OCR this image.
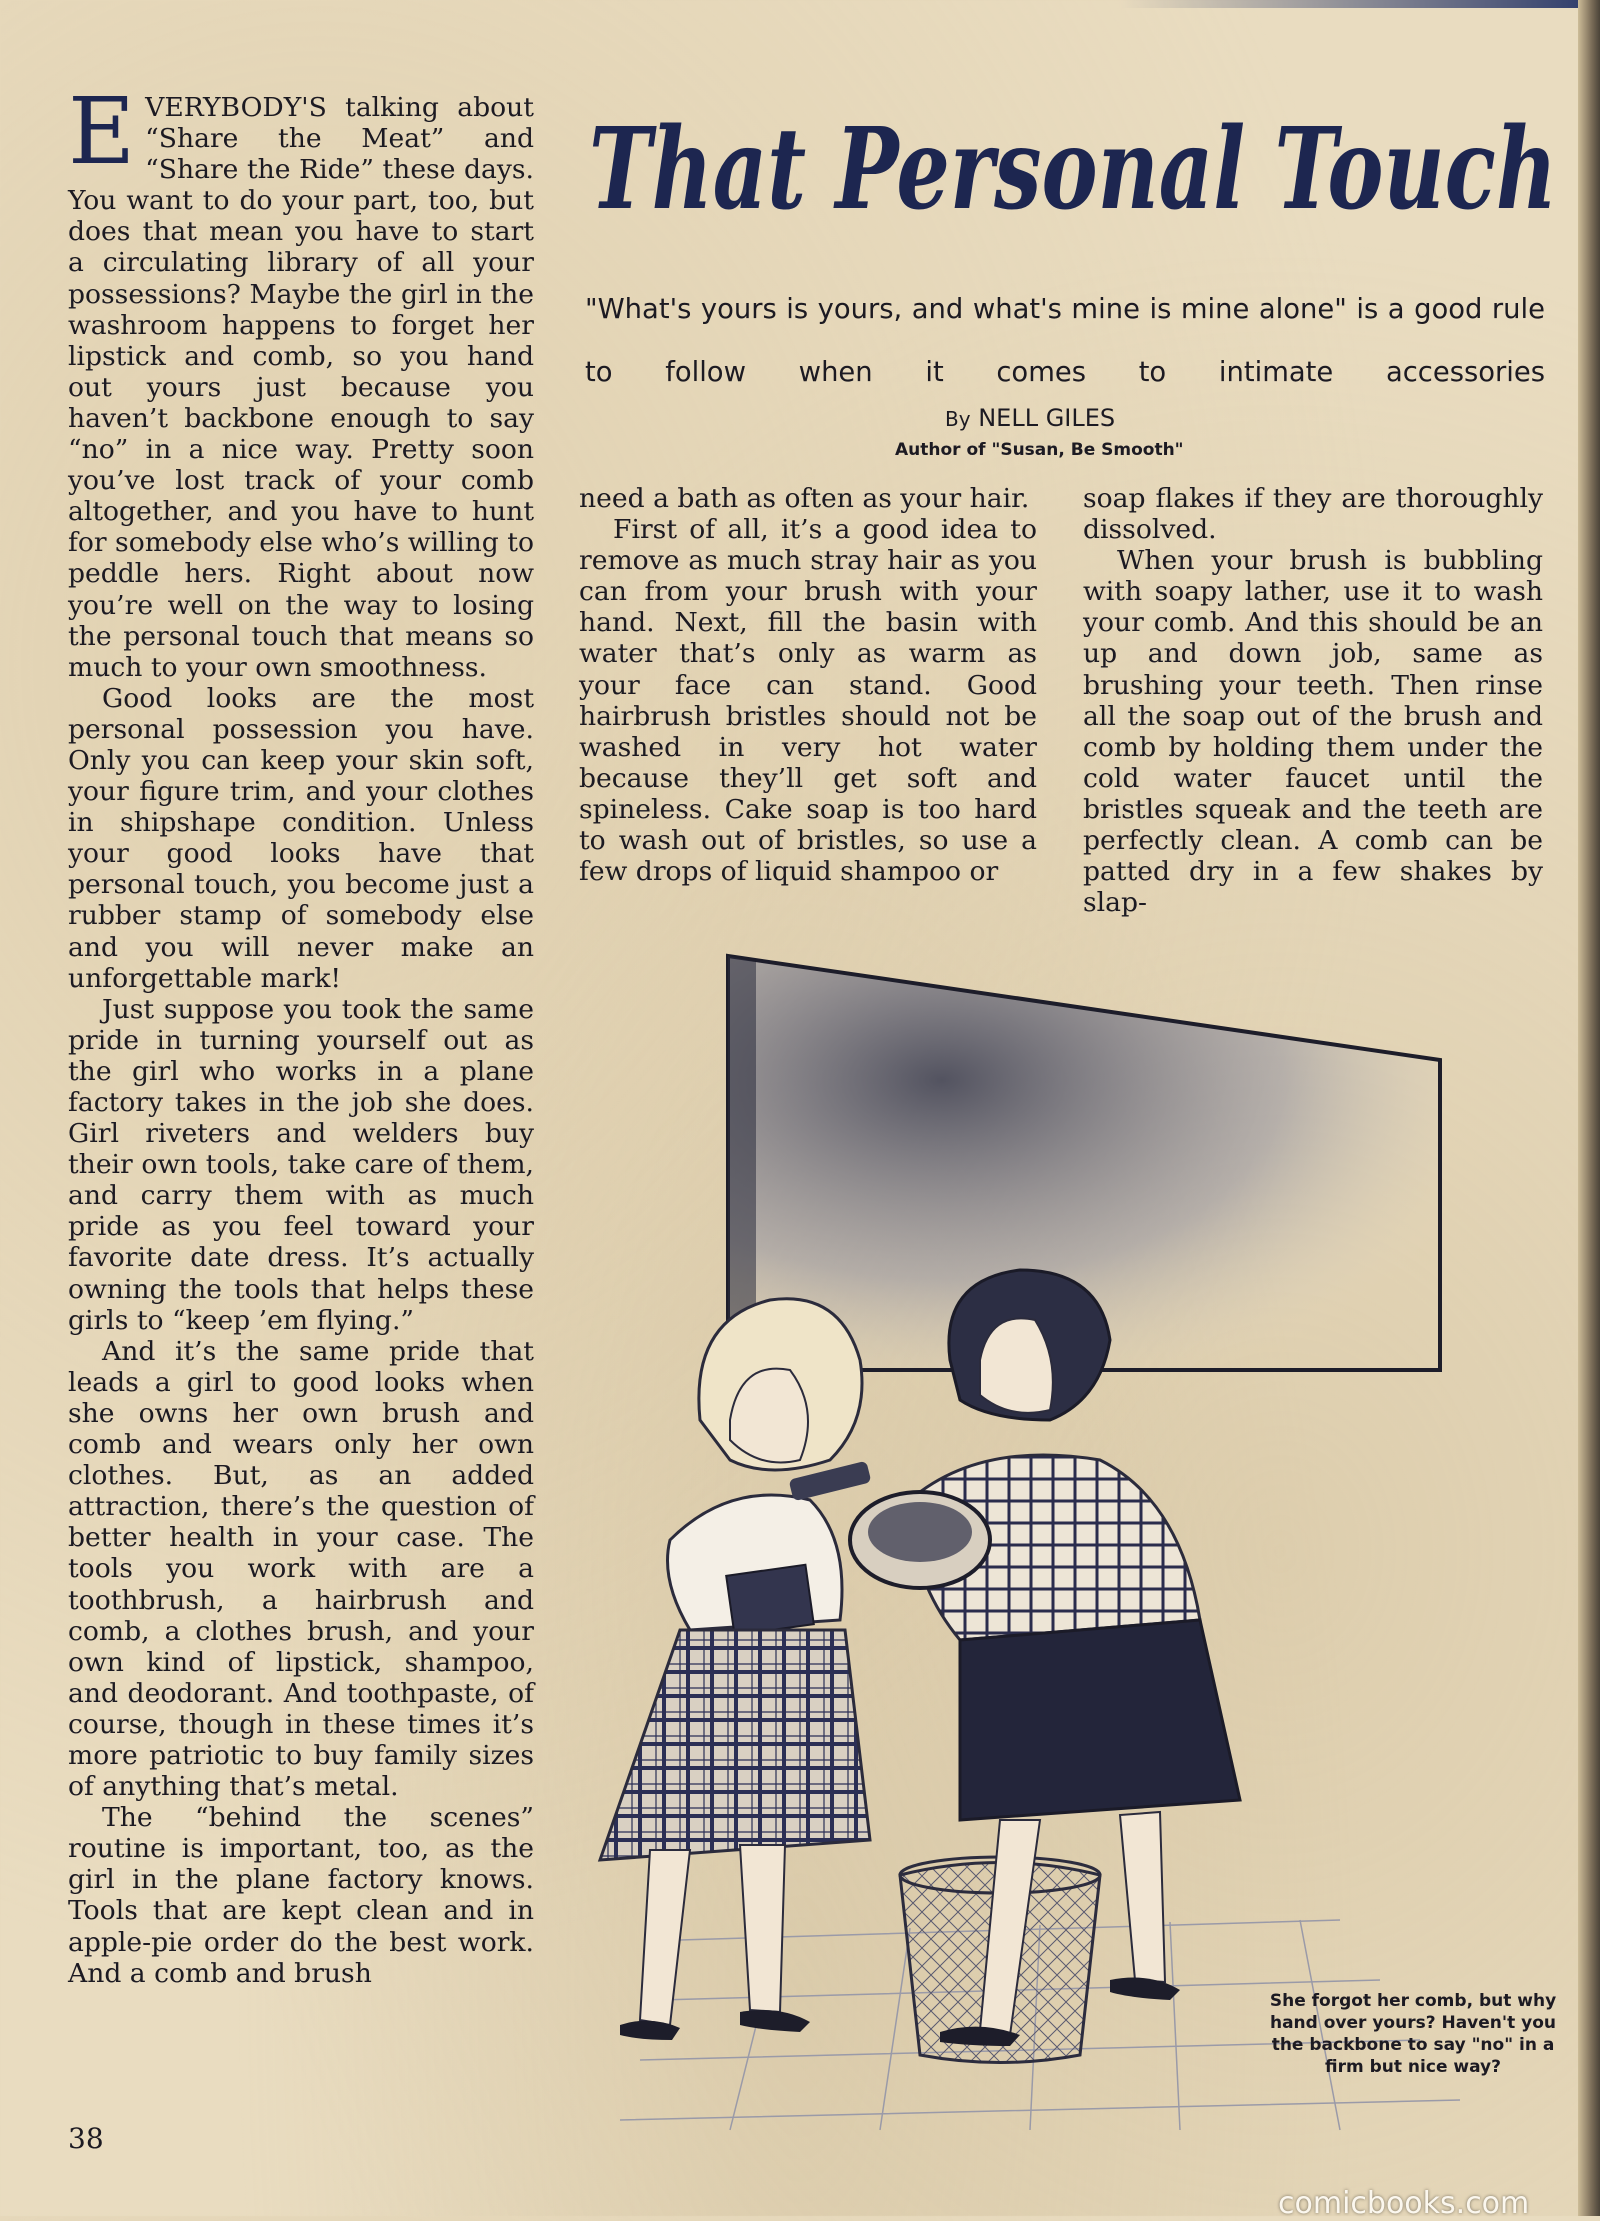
EVERYBODY'S talking about “Share the Meat” and “Share the Ride” these days. You want to do your part, too, but does that mean you have to start a circulating library of all your possessions? Maybe the girl in the washroom happens to forget her lipstick and comb, so you hand out yours just because you haven’t backbone enough to say “no” in a nice way. Pretty soon you’ve lost track of your comb altogether, and you have to hunt for somebody else who’s willing to peddle hers. Right about now you’re well on the way to losing the personal touch that means so much to your own smoothness.

Good looks are the most personal possession you have. Only you can keep your skin soft, your figure trim, and your clothes in shipshape condition. Unless your good looks have that personal touch, you become just a rubber stamp of somebody else and you will never make an unforgettable mark!

Just suppose you took the same pride in turning yourself out as the girl who works in a plane factory takes in the job she does. Girl riveters and welders buy their own tools, take care of them, and carry them with as much pride as you feel toward your favorite date dress. It’s actually owning the tools that helps these girls to “keep ’em flying.”

And it’s the same pride that leads a girl to good looks when she owns her own brush and comb and wears only her own clothes. But, as an added attraction, there’s the question of better health in your case. The tools you work with are a toothbrush, a hairbrush and comb, a clothes brush, and your own kind of lipstick, shampoo, and deodorant. And toothpaste, of course, though in these times it’s more patriotic to buy family sizes of anything that’s metal.

The “behind the scenes” routine is important, too, as the girl in the plane factory knows. Tools that are kept clean and in apple-pie order do the best work. And a comb and brush

That Personal Touch
"What's yours is yours, and what's mine is mine alone" is a good rule to follow when it comes to intimate accessories
By NELL GILES
Author of "Susan, Be Smooth"

need a bath as often as your hair.

First of all, it’s a good idea to remove as much stray hair as you can from your brush with your hand. Next, fill the basin with water that’s only as warm as your face can stand. Good hairbrush bristles should not be washed in very hot water because they’ll get soft and spineless. Cake soap is too hard to wash out of bristles, so use a few drops of liquid shampoo or

soap flakes if they are thoroughly dissolved.

When your brush is bubbling with soapy lather, use it to wash your comb. And this should be an up and down job, same as brushing your teeth. Then rinse all the soap out of the brush and comb by holding them under the cold water faucet until the bristles squeak and the teeth are perfectly clean. A comb can be patted dry in a few shakes by slap-

She forgot her comb, but why hand over yours? Haven't you the backbone to say "no" in a firm but nice way?
38
comicbooks.com
